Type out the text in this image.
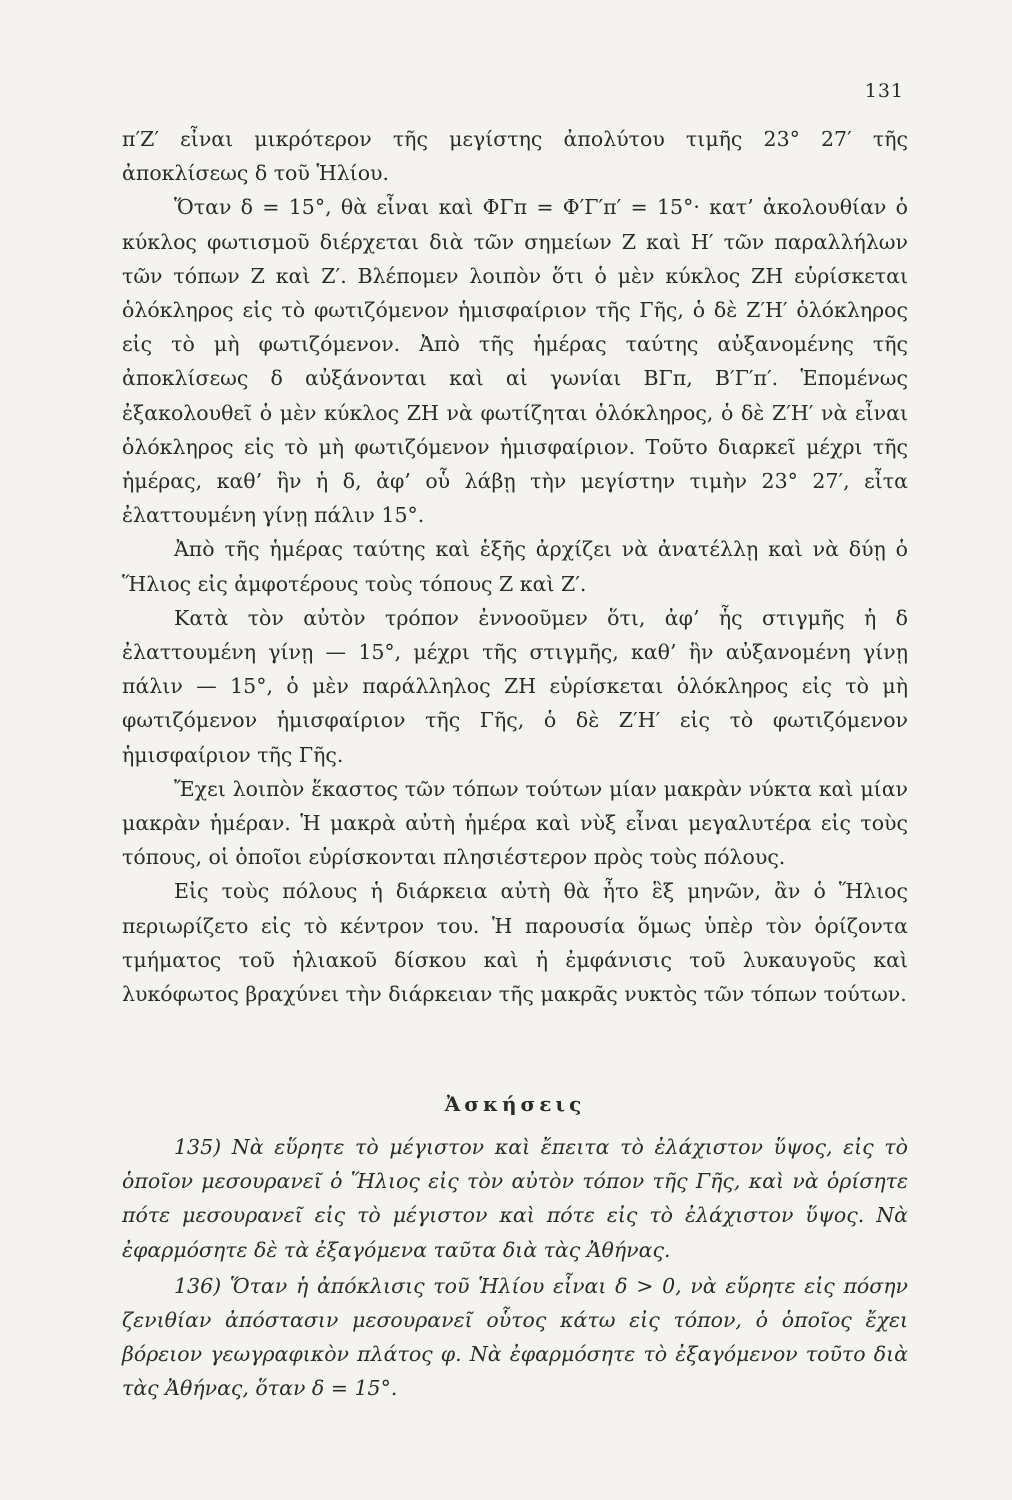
131

π′Ζ′ εἶναι μικρότερον τῆς μεγίστης ἀπολύτου τιμῆς 23° 27′ τῆς ἀποκλίσεως δ τοῦ Ἡλίου.

Ὅταν δ = 15°, θὰ εἶναι καὶ ΦΓπ = Φ′Γ′π′ = 15°· κατ’ ἀκολουθίαν ὁ κύκλος φωτισμοῦ διέρχεται διὰ τῶν σημείων Ζ καὶ Η′ τῶν παραλλήλων τῶν τόπων Ζ καὶ Ζ′. Βλέπομεν λοιπὸν ὅτι ὁ μὲν κύκλος ΖΗ εὑρίσκεται ὁλόκληρος εἰς τὸ φωτιζόμενον ἡμισφαίριον τῆς Γῆς, ὁ δὲ Ζ′Η′ ὁλόκληρος εἰς τὸ μὴ φωτιζόμενον. Ἀπὸ τῆς ἡμέρας ταύτης αὐξανομένης τῆς ἀποκλίσεως δ αὐξάνονται καὶ αἱ γωνίαι ΒΓπ, Β′Γ′π′. Ἑπομένως ἐξακολουθεῖ ὁ μὲν κύκλος ΖΗ νὰ φωτίζηται ὁλόκληρος, ὁ δὲ Ζ′Η′ νὰ εἶναι ὁλόκληρος εἰς τὸ μὴ φωτιζόμενον ἡμισφαίριον. Τοῦτο διαρκεῖ μέχρι τῆς ἡμέρας, καθ’ ἣν ἡ δ, ἀφ’ οὗ λάβῃ τὴν μεγίστην τιμὴν 23° 27′, εἶτα ἐλαττουμένη γίνῃ πάλιν 15°.

Ἀπὸ τῆς ἡμέρας ταύτης καὶ ἑξῆς ἀρχίζει νὰ ἀνατέλλῃ καὶ νὰ δύῃ ὁ Ἥλιος εἰς ἀμφοτέρους τοὺς τόπους Ζ καὶ Ζ′.

Κατὰ τὸν αὐτὸν τρόπον ἐννοοῦμεν ὅτι, ἀφ’ ἧς στιγμῆς ἡ δ ἐλαττουμένη γίνῃ — 15°, μέχρι τῆς στιγμῆς, καθ’ ἣν αὐξανομένη γίνῃ πάλιν — 15°, ὁ μὲν παράλληλος ΖΗ εὑρίσκεται ὁλόκληρος εἰς τὸ μὴ φωτιζόμενον ἡμισφαίριον τῆς Γῆς, ὁ δὲ Ζ′Η′ εἰς τὸ φωτιζόμενον ἡμισφαίριον τῆς Γῆς.

Ἔχει λοιπὸν ἕκαστος τῶν τόπων τούτων μίαν μακρὰν νύκτα καὶ μίαν μακρὰν ἡμέραν. Ἡ μακρὰ αὐτὴ ἡμέρα καὶ νὺξ εἶναι μεγαλυτέρα εἰς τοὺς τόπους, οἱ ὁποῖοι εὑρίσκονται πλησιέστερον πρὸς τοὺς πόλους.

Εἰς τοὺς πόλους ἡ διάρκεια αὐτὴ θὰ ἦτο ἓξ μηνῶν, ἂν ὁ Ἥλιος περιωρίζετο εἰς τὸ κέντρον του. Ἡ παρουσία ὅμως ὑπὲρ τὸν ὁρίζοντα τμήματος τοῦ ἡλιακοῦ δίσκου καὶ ἡ ἐμφάνισις τοῦ λυκαυγοῦς καὶ λυκόφωτος βραχύνει τὴν διάρκειαν τῆς μακρᾶς νυκτὸς τῶν τόπων τούτων.

Ἀσκήσεις

135) Νὰ εὕρητε τὸ μέγιστον καὶ ἔπειτα τὸ ἐλάχιστον ὕψος, εἰς τὸ ὁποῖον μεσουρανεῖ ὁ Ἥλιος εἰς τὸν αὐτὸν τόπον τῆς Γῆς, καὶ νὰ ὁρίσητε πότε μεσουρανεῖ εἰς τὸ μέγιστον καὶ πότε εἰς τὸ ἐλάχιστον ὕψος. Νὰ ἐφαρμόσητε δὲ τὰ ἐξαγόμενα ταῦτα διὰ τὰς Ἀθήνας.

136) Ὅταν ἡ ἀπόκλισις τοῦ Ἡλίου εἶναι δ > 0, νὰ εὕρητε εἰς πόσην ζενιθίαν ἀπόστασιν μεσουρανεῖ οὗτος κάτω εἰς τόπον, ὁ ὁποῖος ἔχει βόρειον γεωγραφικὸν πλάτος φ. Νὰ ἐφαρμόσητε τὸ ἐξαγόμενον τοῦτο διὰ τὰς Ἀθήνας, ὅταν δ = 15°.
